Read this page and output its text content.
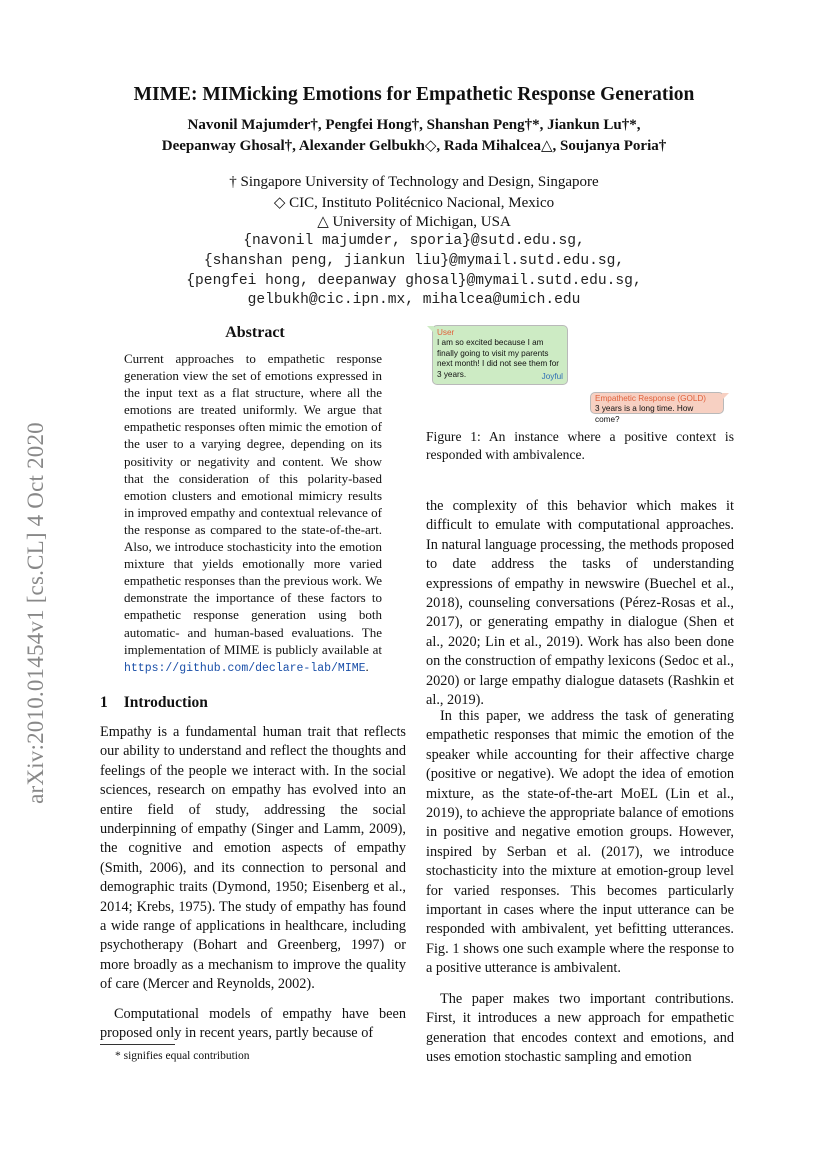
arXiv:2010.01454v1 [cs.CL] 4 Oct 2020
MIME: MIMicking Emotions for Empathetic Response Generation
Navonil Majumder†, Pengfei Hong†, Shanshan Peng†*, Jiankun Lu†*,
Deepanway Ghosal†, Alexander Gelbukh◇, Rada Mihalcea△, Soujanya Poria†
† Singapore University of Technology and Design, Singapore
◇ CIC, Instituto Politécnico Nacional, Mexico
△ University of Michigan, USA
{navonil majumder, sporia}@sutd.edu.sg,
{shanshan peng, jiankun liu}@mymail.sutd.edu.sg,
{pengfei hong, deepanway ghosal}@mymail.sutd.edu.sg,
gelbukh@cic.ipn.mx, mihalcea@umich.edu
Abstract
Current approaches to empathetic response generation view the set of emotions expressed in the input text as a flat structure, where all the emotions are treated uniformly. We argue that empathetic responses often mimic the emotion of the user to a varying degree, depending on its positivity or negativity and content. We show that the consideration of this polarity-based emotion clusters and emotional mimicry results in improved empathy and contextual relevance of the response as compared to the state-of-the-art. Also, we introduce stochasticity into the emotion mixture that yields emotionally more varied empathetic responses than the previous work. We demonstrate the importance of these factors to empathetic response generation using both automatic- and human-based evaluations. The implementation of MIME is publicly available at https://github.com/declare-lab/MIME.
User
I am so excited because I am finally going to visit my parents next month! I did not see them for 3 years.	Joyful
Empathetic Response (GOLD)
3 years is a long time. How come?
Figure 1: An instance where a positive context is responded with ambivalence.
1 Introduction
Empathy is a fundamental human trait that reflects our ability to understand and reflect the thoughts and feelings of the people we interact with. In the social sciences, research on empathy has evolved into an entire field of study, addressing the social underpinning of empathy (Singer and Lamm, 2009), the cognitive and emotion aspects of empathy (Smith, 2006), and its connection to personal and demographic traits (Dymond, 1950; Eisenberg et al., 2014; Krebs, 1975). The study of empathy has found a wide range of applications in healthcare, including psychotherapy (Bohart and Greenberg, 1997) or more broadly as a mechanism to improve the quality of care (Mercer and Reynolds, 2002).
Computational models of empathy have been proposed only in recent years, partly because of
* signifies equal contribution
the complexity of this behavior which makes it difficult to emulate with computational approaches. In natural language processing, the methods proposed to date address the tasks of understanding expressions of empathy in newswire (Buechel et al., 2018), counseling conversations (Pérez-Rosas et al., 2017), or generating empathy in dialogue (Shen et al., 2020; Lin et al., 2019). Work has also been done on the construction of empathy lexicons (Sedoc et al., 2020) or large empathy dialogue datasets (Rashkin et al., 2019).
In this paper, we address the task of generating empathetic responses that mimic the emotion of the speaker while accounting for their affective charge (positive or negative). We adopt the idea of emotion mixture, as the state-of-the-art MoEL (Lin et al., 2019), to achieve the appropriate balance of emotions in positive and negative emotion groups. However, inspired by Serban et al. (2017), we introduce stochasticity into the mixture at emotion-group level for varied responses. This becomes particularly important in cases where the input utterance can be responded with ambivalent, yet befitting utterances. Fig. 1 shows one such example where the response to a positive utterance is ambivalent.
The paper makes two important contributions. First, it introduces a new approach for empathetic generation that encodes context and emotions, and uses emotion stochastic sampling and emotion
